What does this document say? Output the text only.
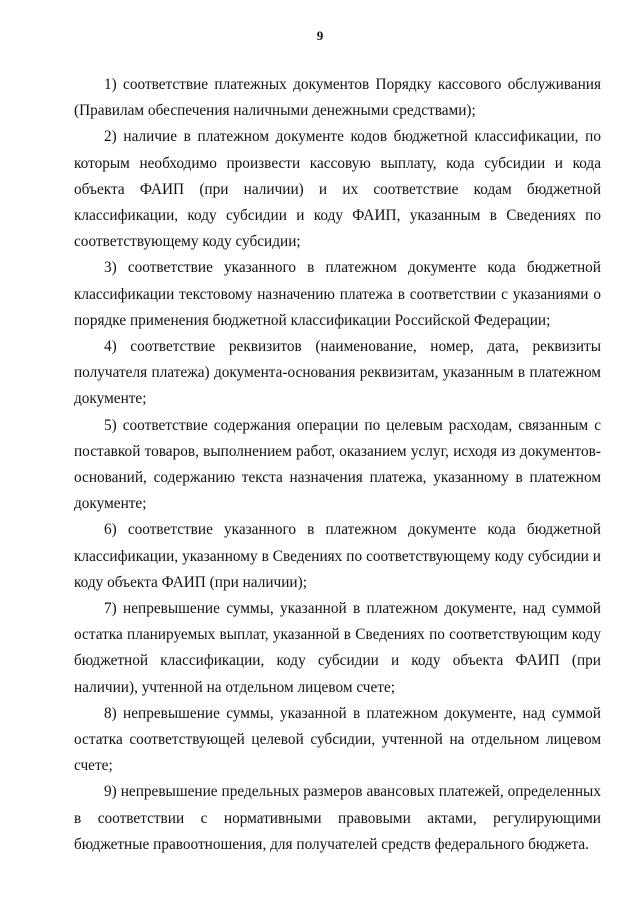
9

1) соответствие платежных документов Порядку кассового обслуживания (Правилам обеспечения наличными денежными средствами);

2) наличие в платежном документе кодов бюджетной классификации, по которым необходимо произвести кассовую выплату, кода субсидии и кода объекта ФАИП (при наличии) и их соответствие кодам бюджетной классификации, коду субсидии и коду ФАИП, указанным в Сведениях по соответствующему коду субсидии;

3) соответствие указанного в платежном документе кода бюджетной классификации текстовому назначению платежа в соответствии с указаниями о порядке применения бюджетной классификации Российской Федерации;

4) соответствие реквизитов (наименование, номер, дата, реквизиты получателя платежа) документа-основания реквизитам, указанным в платежном документе;

5) соответствие содержания операции по целевым расходам, связанным с поставкой товаров, выполнением работ, оказанием услуг, исходя из документов-оснований, содержанию текста назначения платежа, указанному в платежном документе;

6) соответствие указанного в платежном документе кода бюджетной классификации, указанному в Сведениях по соответствующему коду субсидии и коду объекта ФАИП (при наличии);

7) непревышение суммы, указанной в платежном документе, над суммой остатка планируемых выплат, указанной в Сведениях по соответствующим коду бюджетной классификации, коду субсидии и коду объекта ФАИП (при наличии), учтенной на отдельном лицевом счете;

8) непревышение суммы, указанной в платежном документе, над суммой остатка соответствующей целевой субсидии, учтенной на отдельном лицевом счете;

9) непревышение предельных размеров авансовых платежей, определенных в соответствии с нормативными правовыми актами, регулирующими бюджетные правоотношения, для получателей средств федерального бюджета.
